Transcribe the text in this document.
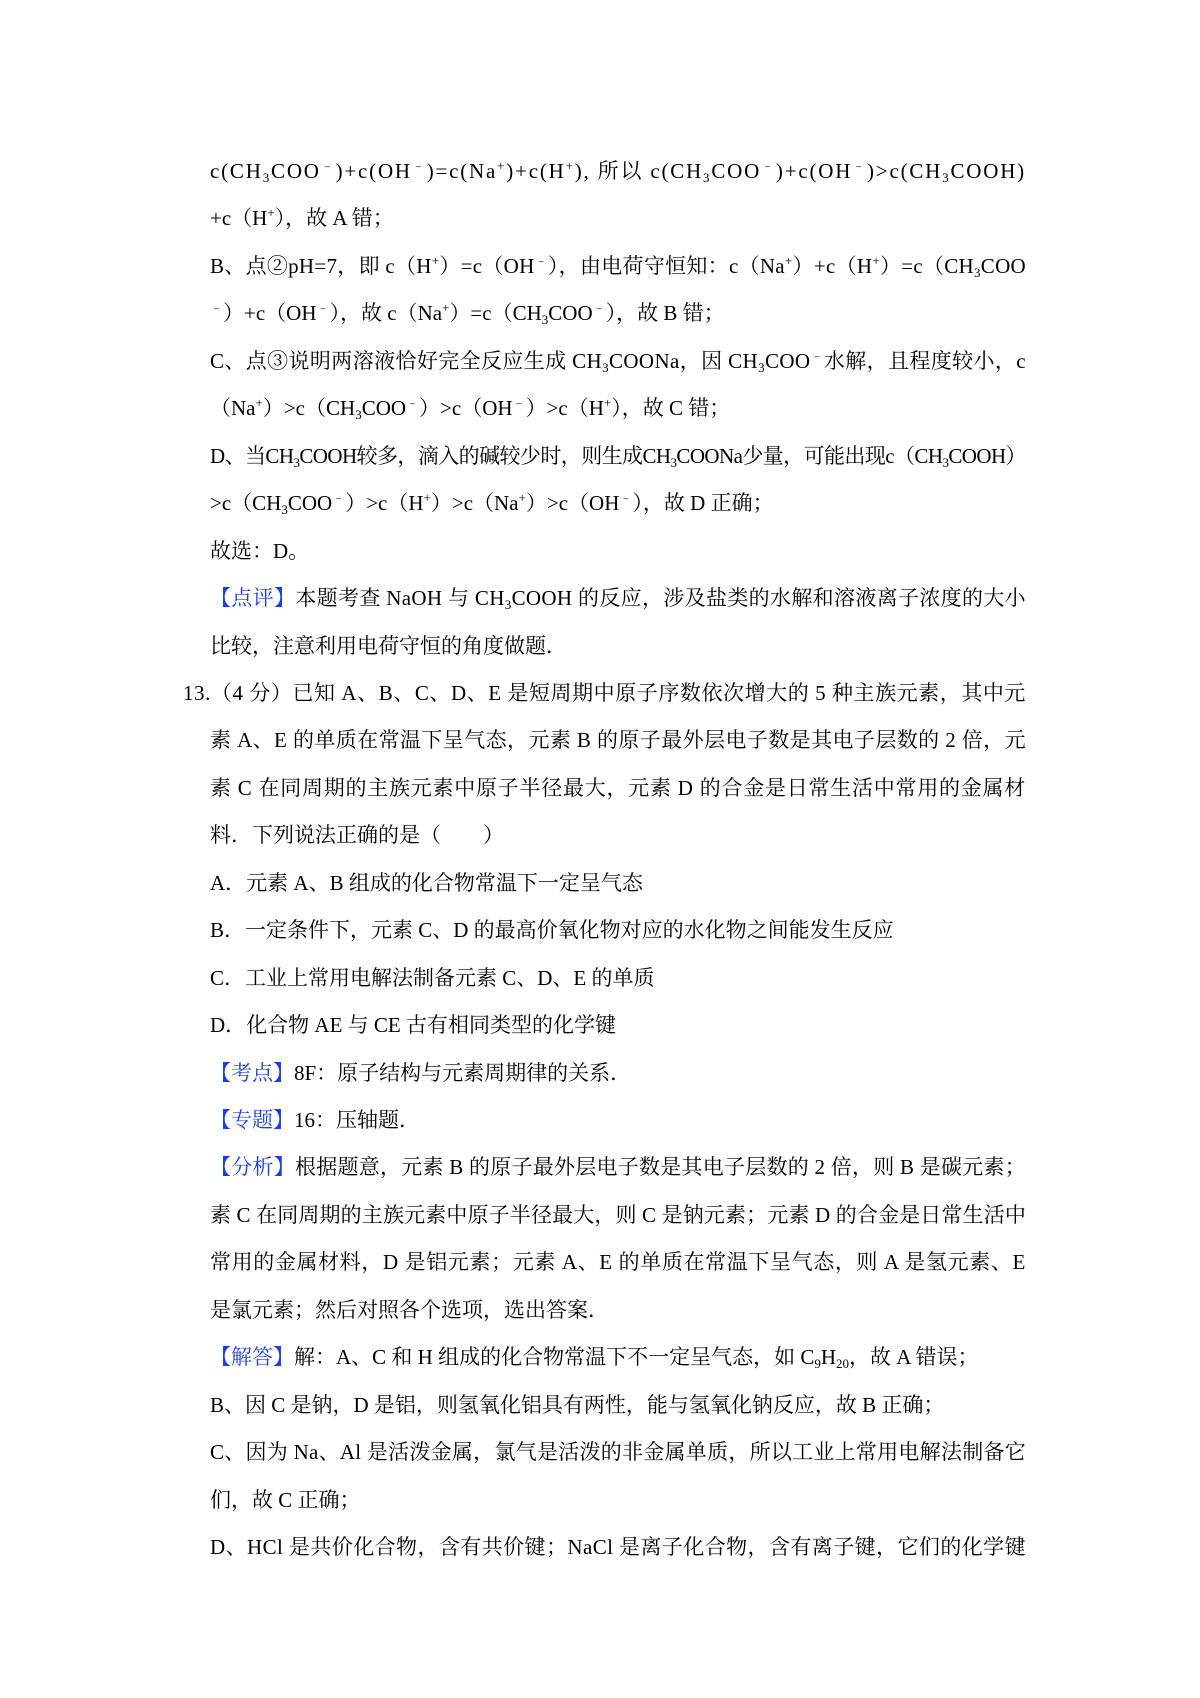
$c(CH_3COO^﹣)+c(OH^﹣)=c(Na^+)+c(H^+)$, 所以 $c(CH_3COO^﹣)+c(OH^﹣)>c(CH_3COOH)$
+c（H+），故 A 错；
B、点②pH=7，即 c（H+）=c（OH﹣），由电荷守恒知：$c(Na^+)+c(H^+)=c(CH_3COO$
﹣）+c（OH﹣），故 $c(Na^+)=c(CH_3COO^﹣)$，故 B 错；
C、点③说明两溶液恰好完全反应生成 $CH_3COONa$，因 $CH_3COO^﹣$水解，且程度较小，c
$(Na^+)>c(CH_3COO^﹣)>c(OH^﹣)>c(H^+)$，故 C 错；
D、当$CH_3COOH$较多，滴入的碱较少时，则生成$CH_3COONa$少量，可能出现$c(CH_3COOH)$
$>c(CH_3COO^﹣)>c(H^+)>c(Na^+)>c(OH^﹣)$，故 D 正确；
故选：D。
【点评】本题考查 NaOH 与 $CH_3COOH$ 的反应，涉及盐类的水解和溶液离子浓度的大小
比较，注意利用电荷守恒的角度做题．
13.（4 分）已知 A、B、C、D、E 是短周期中原子序数依次增大的 5 种主族元素，其中元
素 A、E 的单质在常温下呈气态，元素 B 的原子最外层电子数是其电子层数的 2 倍，元
素 C 在同周期的主族元素中原子半径最大，元素 D 的合金是日常生活中常用的金属材
料．下列说法正确的是（　　）
A．元素 A、B 组成的化合物常温下一定呈气态
B．一定条件下，元素 C、D 的最高价氧化物对应的水化物之间能发生反应
C．工业上常用电解法制备元素 C、D、E 的单质
D．化合物 AE 与 CE 古有相同类型的化学键
【考点】8F：原子结构与元素周期律的关系．
【专题】16：压轴题．
【分析】根据题意，元素 B 的原子最外层电子数是其电子层数的 2 倍，则 B 是碳元素；
素 C 在同周期的主族元素中原子半径最大，则 C 是钠元素；元素 D 的合金是日常生活中
常用的金属材料，D 是铝元素；元素 A、E 的单质在常温下呈气态，则 A 是氢元素、E
是氯元素；然后对照各个选项，选出答案．
【解答】解：A、C 和 H 组成的化合物常温下不一定呈气态，如 $C_9H_{20}$，故 A 错误；
B、因 C 是钠，D 是铝，则氢氧化铝具有两性，能与氢氧化钠反应，故 B 正确；
C、因为 Na、Al 是活泼金属，氯气是活泼的非金属单质，所以工业上常用电解法制备它
们，故 C 正确；
D、HCl 是共价化合物，含有共价键；NaCl 是离子化合物，含有离子键，它们的化学键
